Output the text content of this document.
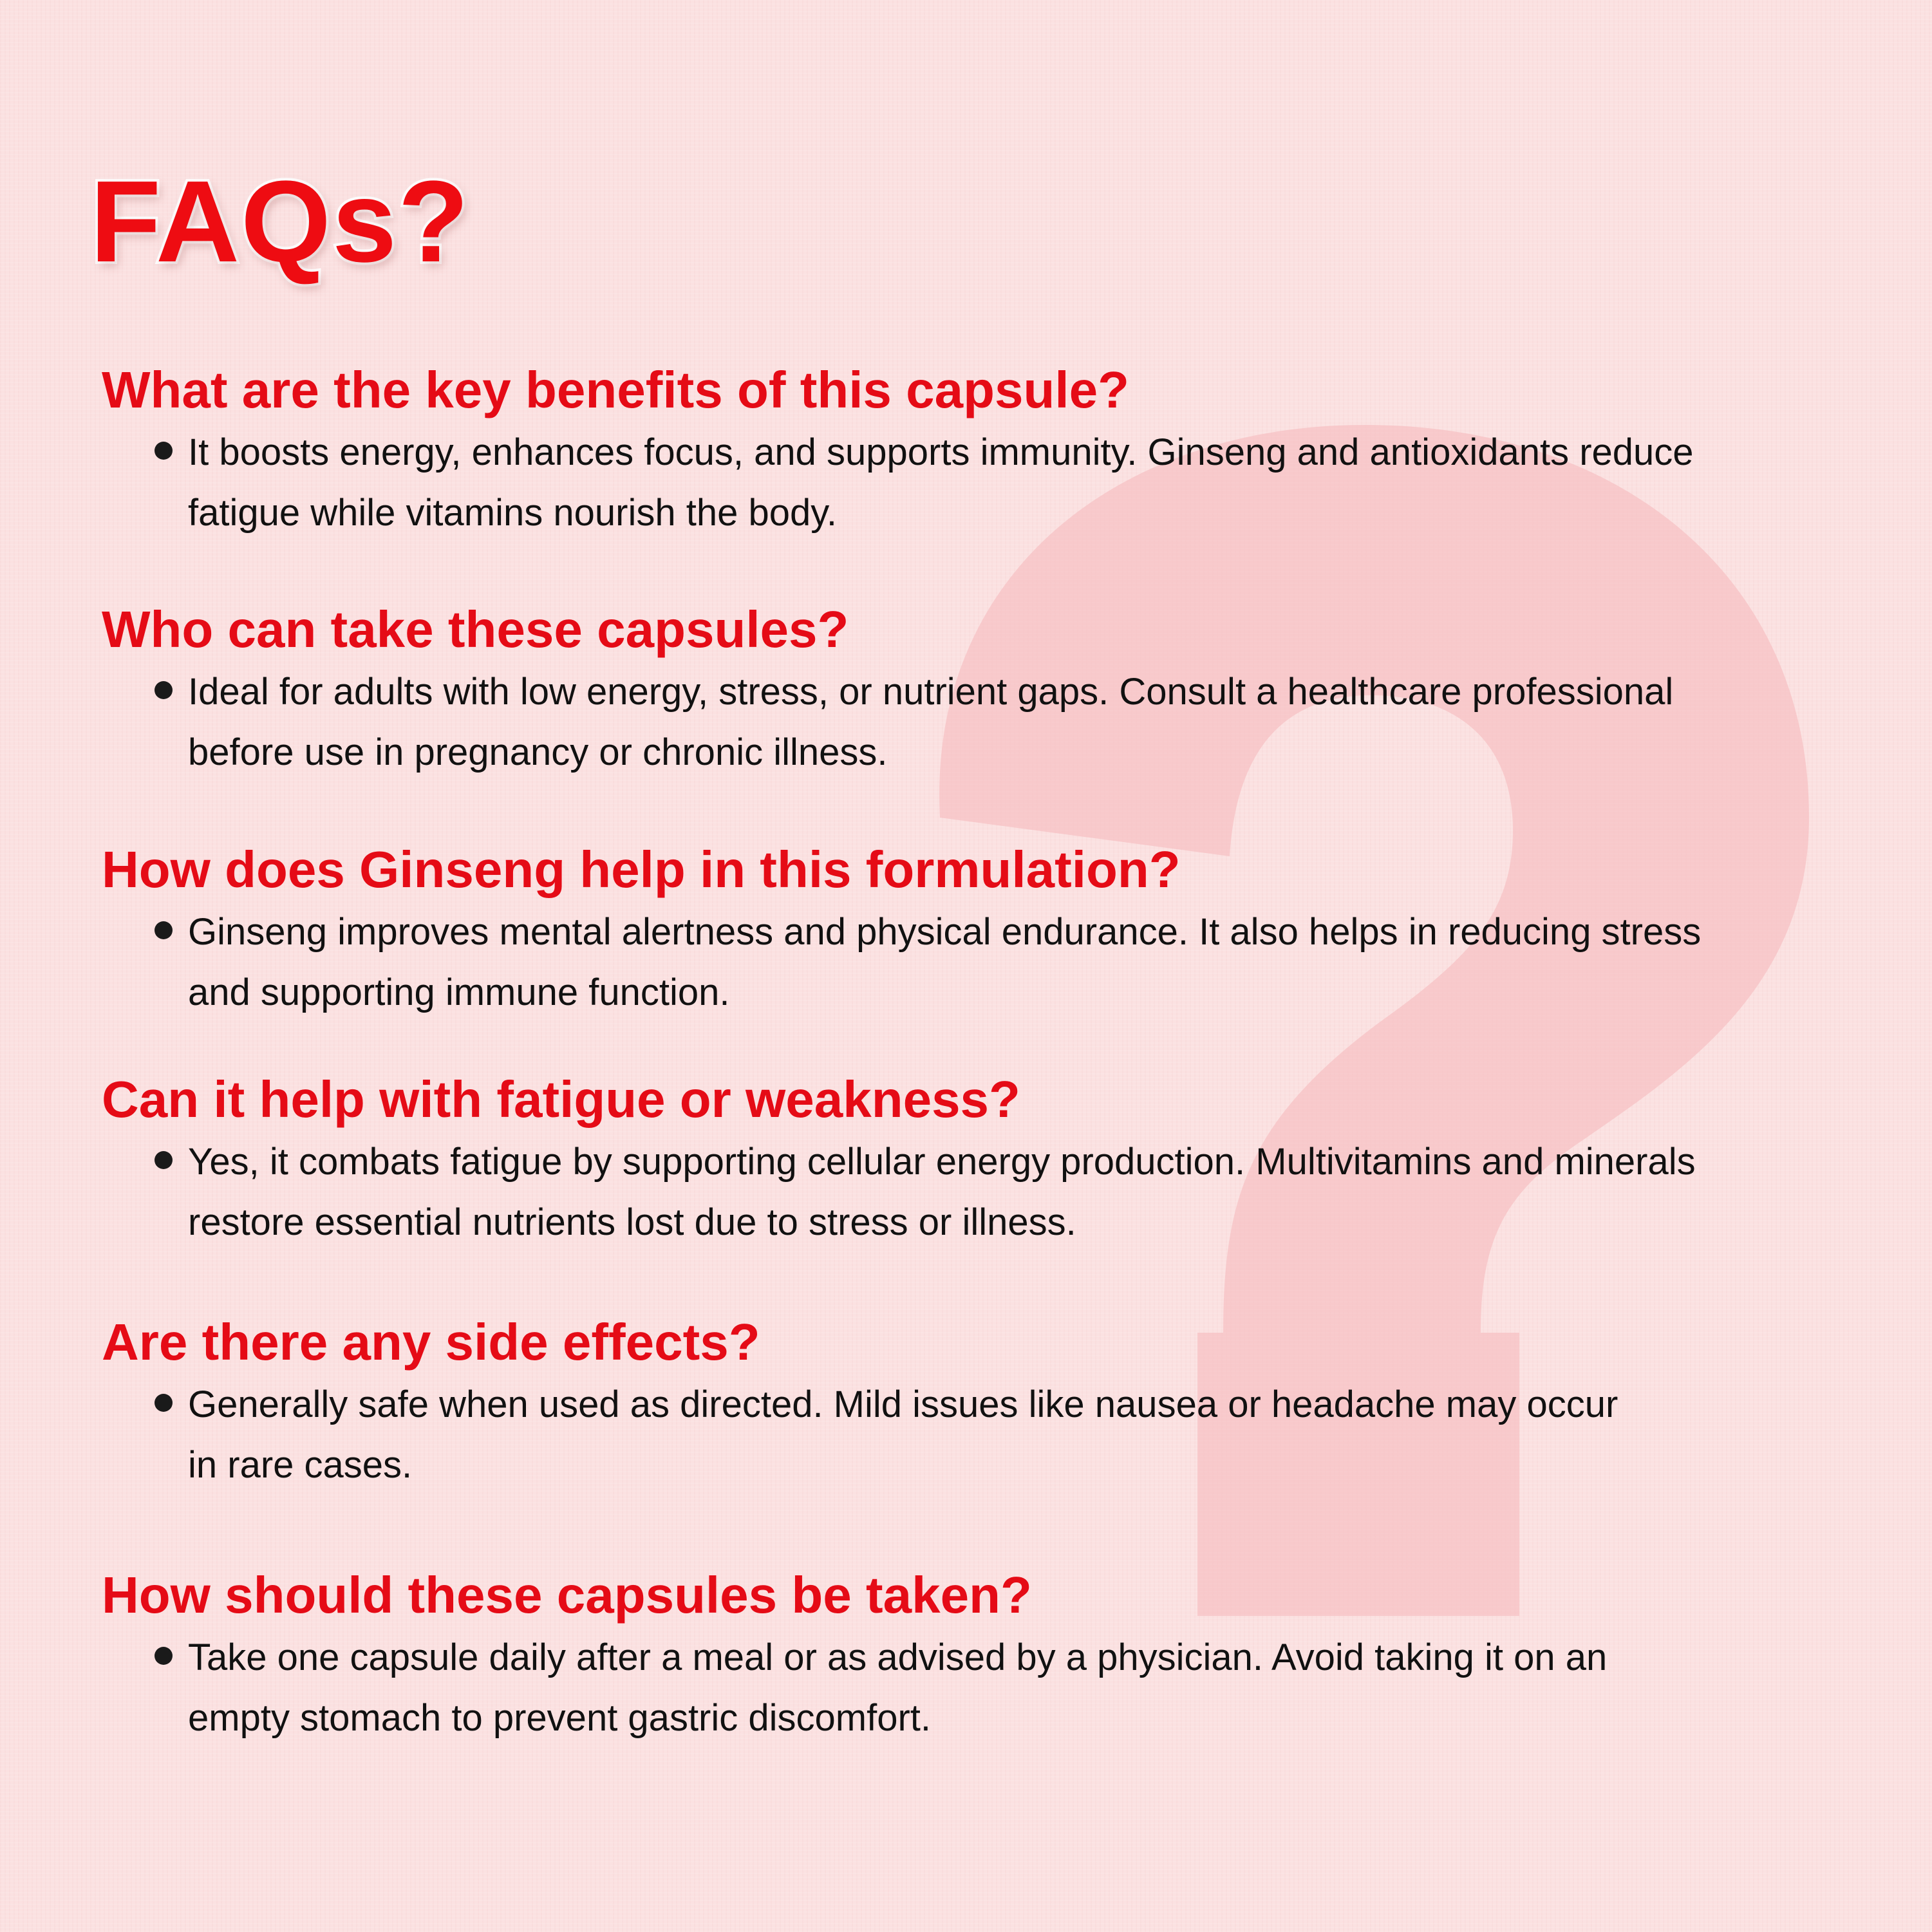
FAQs?
What are the key benefits of this capsule?
It boosts energy, enhances focus, and supports immunity. Ginseng and antioxidants reduce
fatigue while vitamins nourish the body.
Who can take these capsules?
Ideal for adults with low energy, stress, or nutrient gaps. Consult a healthcare professional
before use in pregnancy or chronic illness.
How does Ginseng help in this formulation?
Ginseng improves mental alertness and physical endurance. It also helps in reducing stress
and supporting immune function.
Can it help with fatigue or weakness?
Yes, it combats fatigue by supporting cellular energy production. Multivitamins and minerals
restore essential nutrients lost due to stress or illness.
Are there any side effects?
Generally safe when used as directed. Mild issues like nausea or headache may occur
in rare cases.
How should these capsules be taken?
Take one capsule daily after a meal or as advised by a physician. Avoid taking it on an
empty stomach to prevent gastric discomfort.
